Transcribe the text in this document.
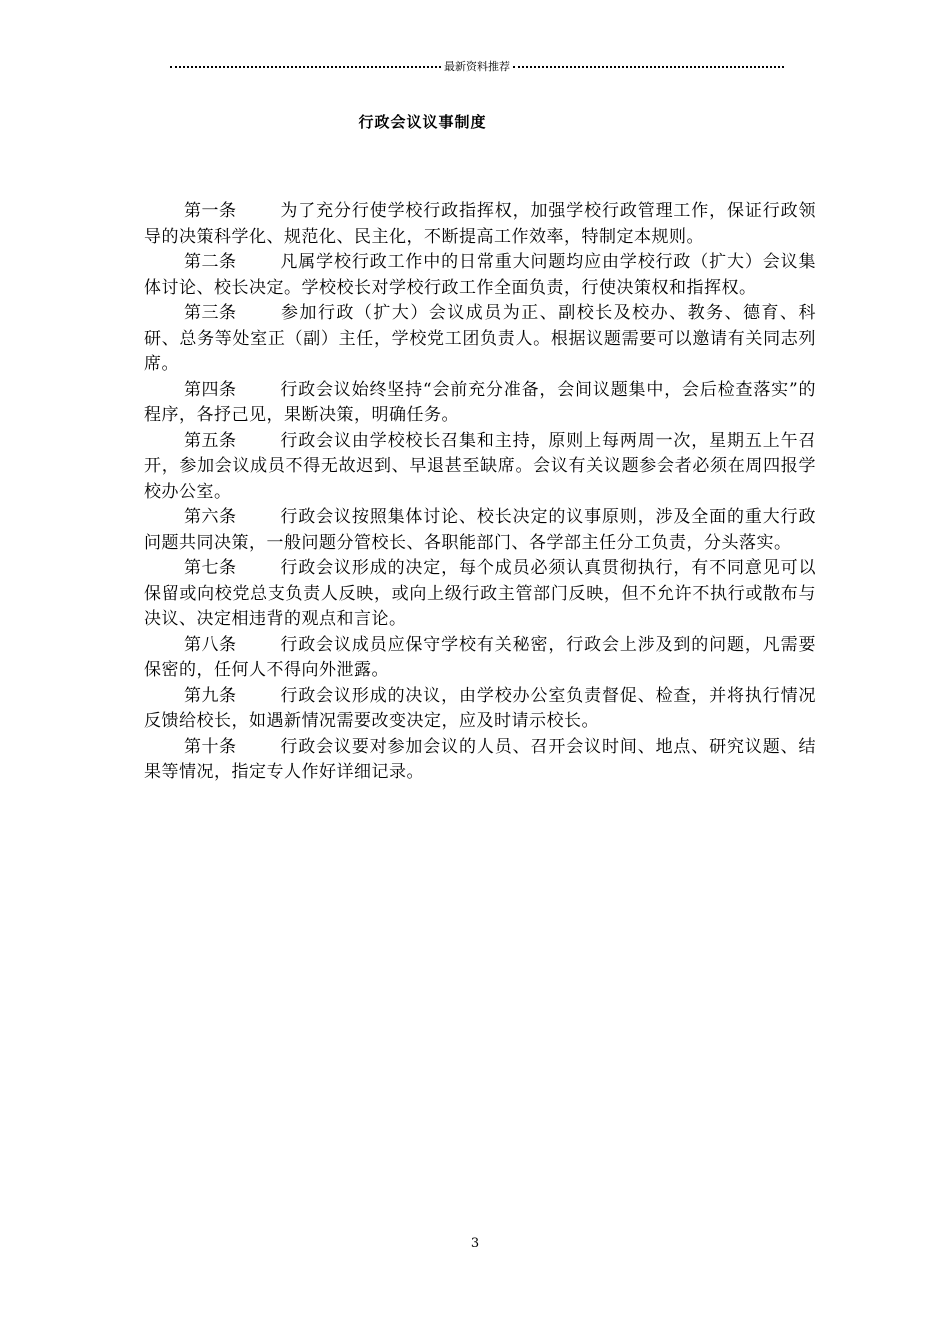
最新资料推荐
行政会议议事制度

第一条	为了充分行使学校行政指挥权，加强学校行政管理工作，保证行政领导的决策科学化、规范化、民主化，不断提高工作效率，特制定本规则。

第二条	凡属学校行政工作中的日常重大问题均应由学校行政（扩大）会议集体讨论、校长决定。学校校长对学校行政工作全面负责，行使决策权和指挥权。

第三条	参加行政（扩大）会议成员为正、副校长及校办、教务、德育、科研、总务等处室正（副）主任，学校党工团负责人。根据议题需要可以邀请有关同志列席。

第四条	行政会议始终坚持“会前充分准备，会间议题集中，会后检查落实”的程序，各抒己见，果断决策，明确任务。

第五条	行政会议由学校校长召集和主持，原则上每两周一次，星期五上午召开，参加会议成员不得无故迟到、早退甚至缺席。会议有关议题参会者必须在周四报学校办公室。

第六条	行政会议按照集体讨论、校长决定的议事原则，涉及全面的重大行政问题共同决策，一般问题分管校长、各职能部门、各学部主任分工负责，分头落实。

第七条	行政会议形成的决定，每个成员必须认真贯彻执行，有不同意见可以保留或向校党总支负责人反映，或向上级行政主管部门反映，但不允许不执行或散布与决议、决定相违背的观点和言论。

第八条	行政会议成员应保守学校有关秘密，行政会上涉及到的问题，凡需要保密的，任何人不得向外泄露。

第九条	行政会议形成的决议，由学校办公室负责督促、检查，并将执行情况反馈给校长，如遇新情况需要改变决定，应及时请示校长。

第十条	行政会议要对参加会议的人员、召开会议时间、地点、研究议题、结果等情况，指定专人作好详细记录。

3
